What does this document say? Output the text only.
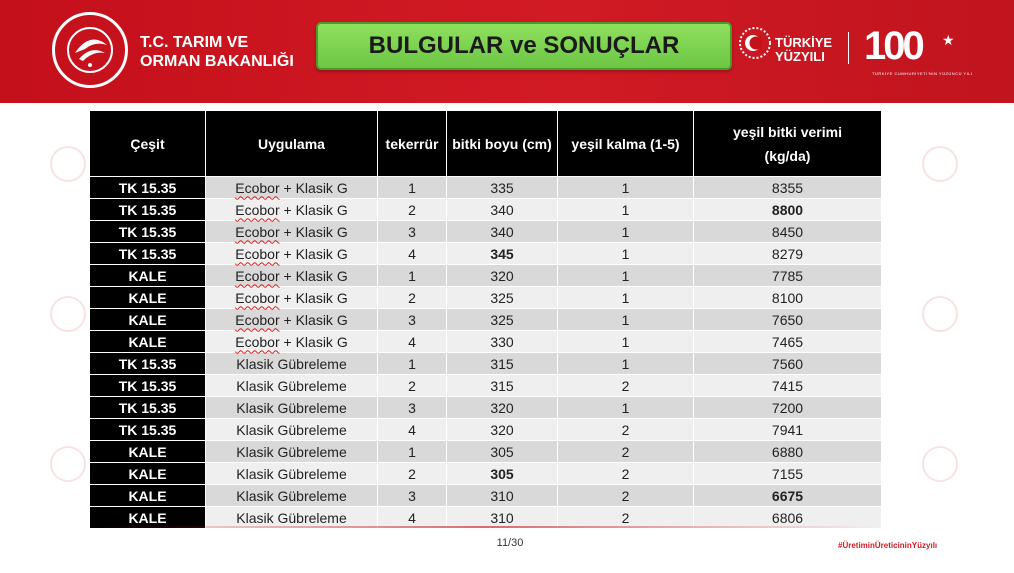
T.C. TARIM VE
ORMAN BAKANLIĞI
BULGULAR ve SONUÇLAR	TÜRKİYE
YÜZYILI 100 ★
TÜRKİYE CUMHURİYETİ'NİN YÜZÜNCÜ YILI
Çeşit	Uygulama	tekerrür	bitki boyu (cm)	yeşil kalma (1-5)	yeşil bitki verimi
(kg/da)
TK 15.35	Ecobor + Klasik G	1	335	1	8355
TK 15.35	Ecobor + Klasik G	2	340	1	8800
TK 15.35	Ecobor + Klasik G	3	340	1	8450
TK 15.35	Ecobor + Klasik G	4	345	1	8279
KALE	Ecobor + Klasik G	1	320	1	7785
KALE	Ecobor + Klasik G	2	325	1	8100
KALE	Ecobor + Klasik G	3	325	1	7650
KALE	Ecobor + Klasik G	4	330	1	7465
TK 15.35	Klasik Gübreleme	1	315	1	7560
TK 15.35	Klasik Gübreleme	2	315	2	7415
TK 15.35	Klasik Gübreleme	3	320	1	7200
TK 15.35	Klasik Gübreleme	4	320	2	7941
KALE	Klasik Gübreleme	1	305	2	6880
KALE	Klasik Gübreleme	2	305	2	7155
KALE	Klasik Gübreleme	3	310	2	6675
KALE	Klasik Gübreleme	4	310	2	6806
11/30	#ÜretiminÜreticininYüzyılı
